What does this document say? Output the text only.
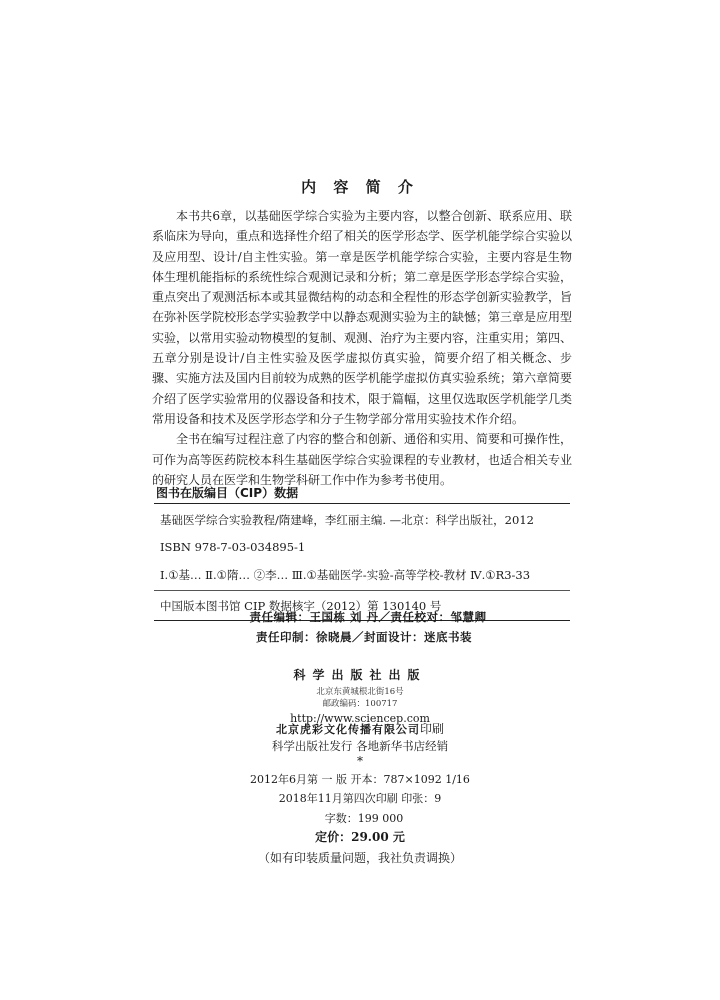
内 容 简 介

本书共6章，以基础医学综合实验为主要内容，以整合创新、联系应用、联系临床为导向，重点和选择性介绍了相关的医学形态学、医学机能学综合实验以及应用型、设计/自主性实验。第一章是医学机能学综合实验，主要内容是生物体生理机能指标的系统性综合观测记录和分析；第二章是医学形态学综合实验，重点突出了观测活标本或其显微结构的动态和全程性的形态学创新实验教学，旨在弥补医学院校形态学实验教学中以静态观测实验为主的缺憾；第三章是应用型实验，以常用实验动物模型的复制、观测、治疗为主要内容，注重实用；第四、五章分别是设计/自主性实验及医学虚拟仿真实验，简要介绍了相关概念、步骤、实施方法及国内目前较为成熟的医学机能学虚拟仿真实验系统；第六章简要介绍了医学实验常用的仪器设备和技术，限于篇幅，这里仅选取医学机能学几类常用设备和技术及医学形态学和分子生物学部分常用实验技术作介绍。

全书在编写过程注意了内容的整合和创新、通俗和实用、简要和可操作性，可作为高等医药院校本科生基础医学综合实验课程的专业教材，也适合相关专业的研究人员在医学和生物学科研工作中作为参考书使用。

图书在版编目（CIP）数据
基础医学综合实验教程/隋建峰，李红丽主编. —北京：科学出版社，2012
ISBN 978-7-03-034895-1
Ⅰ.①基… Ⅱ.①隋… ②李… Ⅲ.①基础医学-实验-高等学校-教材 Ⅳ.①R3-33
中国版本图书馆 CIP 数据核字（2012）第 130140 号
责任编辑：王国栋 刘 丹／责任校对：邹慧卿
责任印制：徐晓晨／封面设计：迷底书装
科学出版社出版
北京东黄城根北街16号
邮政编码：100717
http://www.sciencep.com
北京虎彩文化传播有限公司印刷
科学出版社发行 各地新华书店经销
*
2012年6月第 一 版 开本：787×1092 1/16
2018年11月第四次印刷 印张：9
字数：199 000
定价：29.00 元
（如有印装质量问题，我社负责调换）
